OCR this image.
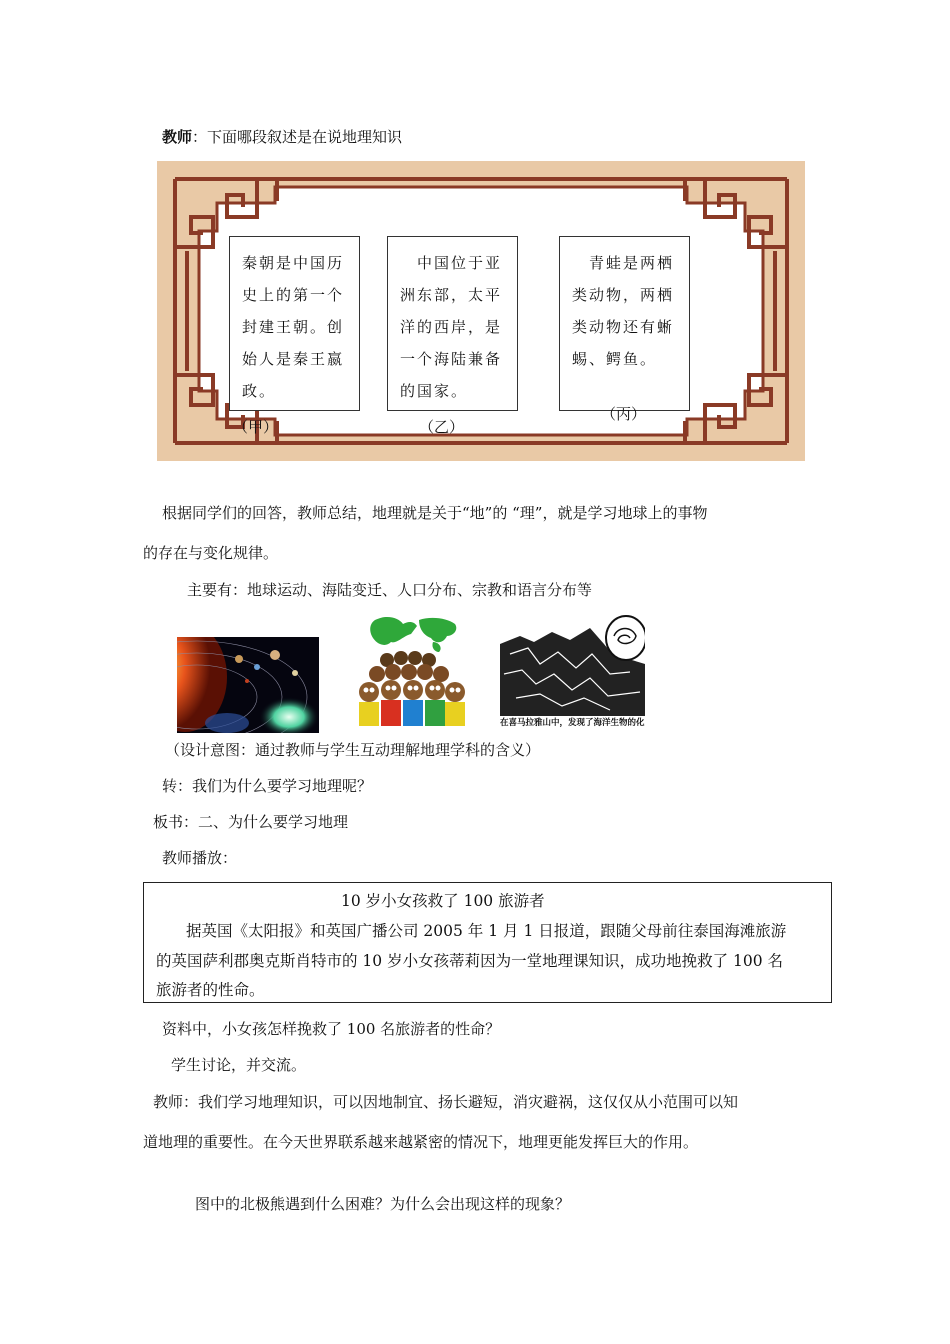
教师：下面哪段叙述是在说地理知识

秦朝是中国历

史上的第一个

封建王朝。创

始人是秦王嬴

政。

（甲）

　中国位于亚

洲东部，太平

洋的西岸，是

一个海陆兼备

的国家。

（乙）

　青蛙是两栖

类动物，两栖

类动物还有蜥

蜴、鳄鱼。

（丙）
根据同学们的回答，教师总结，地理就是关于“地”的 “理”，就是学习地球上的事物
的存在与变化规律。
主要有：地球运动、海陆变迁、人口分布、宗教和语言分布等
在喜马拉雅山中，发现了海洋生物的化
（设计意图：通过教师与学生互动理解地理学科的含义）
转：我们为什么要学习地理呢？
板书：二、为什么要学习地理
教师播放：
10 岁小女孩救了 100 旅游者
据英国《太阳报》和英国广播公司 2005 年 1 月 1 日报道，跟随父母前往泰国海滩旅游
的英国萨利郡奥克斯肖特市的 10 岁小女孩蒂莉因为一堂地理课知识，成功地挽救了 100 名
旅游者的性命。
资料中，小女孩怎样挽救了 100 名旅游者的性命？
学生讨论，并交流。
教师：我们学习地理知识，可以因地制宜、扬长避短，消灾避祸，这仅仅从小范围可以知
道地理的重要性。在今天世界联系越来越紧密的情况下，地理更能发挥巨大的作用。
图中的北极熊遇到什么困难？为什么会出现这样的现象？
